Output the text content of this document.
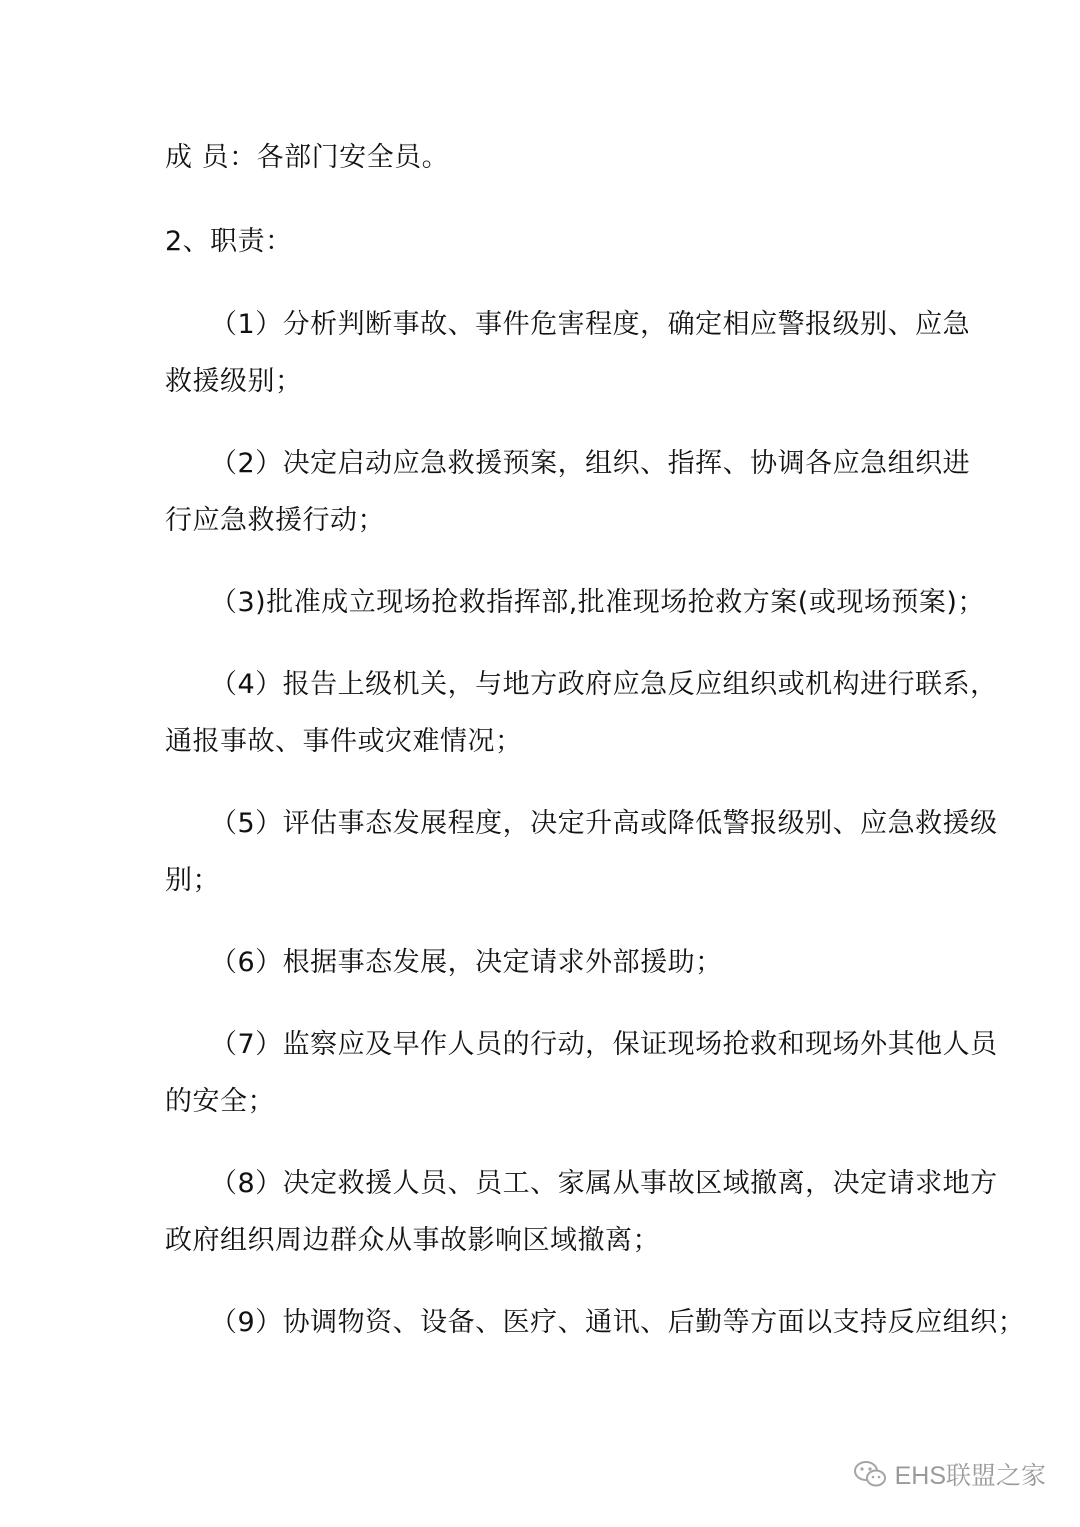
成 员：各部门安全员。
2、职责：
（1）分析判断事故、事件危害程度，确定相应警报级别、应急
救援级别；
（2）决定启动应急救援预案，组织、指挥、协调各应急组织进
行应急救援行动；
（3)批准成立现场抢救指挥部,批准现场抢救方案(或现场预案)；
（4）报告上级机关，与地方政府应急反应组织或机构进行联系，
通报事故、事件或灾难情况；
（5）评估事态发展程度，决定升高或降低警报级别、应急救援级
别；
（6）根据事态发展，决定请求外部援助；
（7）监察应及早作人员的行动，保证现场抢救和现场外其他人员
的安全；
（8）决定救援人员、员工、家属从事故区域撤离，决定请求地方
政府组织周边群众从事故影响区域撤离；
（9）协调物资、设备、医疗、通讯、后勤等方面以支持反应组织；
EHS联盟之家
